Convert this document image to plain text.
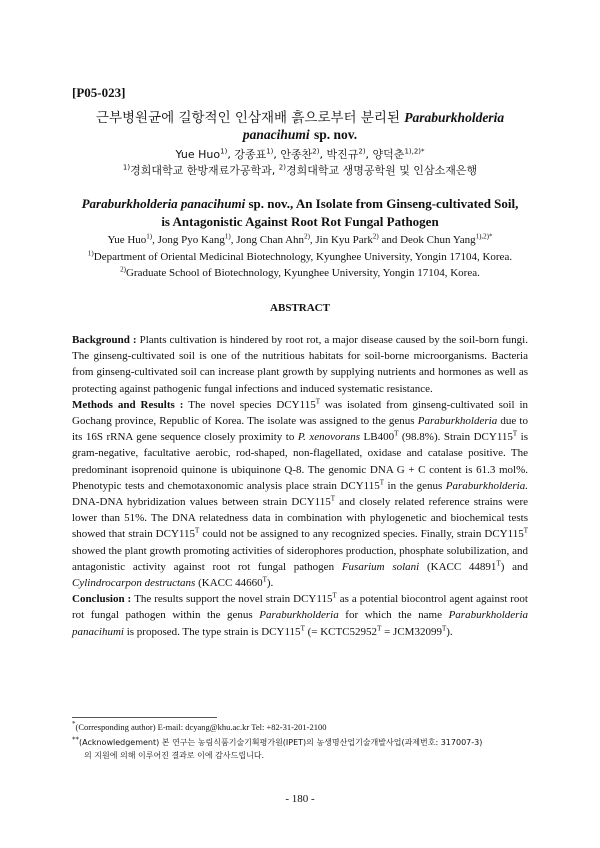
[P05-023]
근부병원균에 길항적인 인삼재배 흙으로부터 분리된 Paraburkholderia
panacihumi sp. nov.
Yue Huo$^{1)}$, 강종표$^{1)}$, 안종찬$^{2)}$, 박진규$^{2)}$, 양덕춘$^{1),2)*}$
$^{1)}$경희대학교 한방재료가공학과, $^{2)}$경희대학교 생명공학원 및 인삼소재은행
Paraburkholderia panacihumi sp. nov., An Isolate from Ginseng-cultivated Soil,
is Antagonistic Against Root Rot Fungal Pathogen
Yue Huo$^{1)}$, Jong Pyo Kang$^{1)}$, Jong Chan Ahn$^{2)}$, Jin Kyu Park$^{2)}$ and Deok Chun Yang$^{1),2)*}$
$^{1)}$Department of Oriental Medicinal Biotechnology, Kyunghee University, Yongin 17104, Korea.
$^{2)}$Graduate School of Biotechnology, Kyunghee University, Yongin 17104, Korea.
ABSTRACT

Background : Plants cultivation is hindered by root rot, a major disease caused by the soil-born fungi. The ginseng-cultivated soil is one of the nutritious habitats for soil-borne microorganisms. Bacteria from ginseng-cultivated soil can increase plant growth by supplying nutrients and hormones as well as protecting against pathogenic fungal infections and induced systematic resistance.

Methods and Results : The novel species $DCY115^T$ was isolated from ginseng-cultivated soil in Gochang province, Republic of Korea. The isolate was assigned to the genus Paraburkholderia due to its 16S rRNA gene sequence closely proximity to P. xenovorans $LB400^T$ (98.8%). Strain $DCY115^T$ is gram-negative, facultative aerobic, rod-shaped, non-flagellated, oxidase and catalase positive. The predominant isoprenoid quinone is ubiquinone Q-8. The genomic DNA G + C content is 61.3 mol%. Phenotypic tests and chemotaxonomic analysis place strain $DCY115^T$ in the genus Paraburkholderia. DNA-DNA hybridization values between strain $DCY115^T$ and closely related reference strains were lower than 51%. The DNA relatedness data in combination with phylogenetic and biochemical tests showed that strain $DCY115^T$ could not be assigned to any recognized species. Finally, strain $DCY115^T$ showed the plant growth promoting activities of siderophores production, phosphate solubilization, and antagonistic activity against root rot fungal pathogen Fusarium solani (KACC $44891^T$) and Cylindrocarpon destructans (KACC $44660^T$).

Conclusion : The results support the novel strain $DCY115^T$ as a potential biocontrol agent against root rot fungal pathogen within the genus Paraburkholderia for which the name Paraburkholderia panacihumi is proposed. The type strain is $DCY115^T$ (= $KCTC52952^T = JCM32099^T$).

*(Corresponding author) E-mail: dcyang@khu.ac.kr Tel: +82-31-201-2100
**(Acknowledgement) 본 연구는 농림식품기술기획평가원(IPET)의 농생명산업기술개발사업(과제번호: 317007-3)
의 지원에 의해 이루어진 결과로 이에 감사드립니다.
- 180 -
